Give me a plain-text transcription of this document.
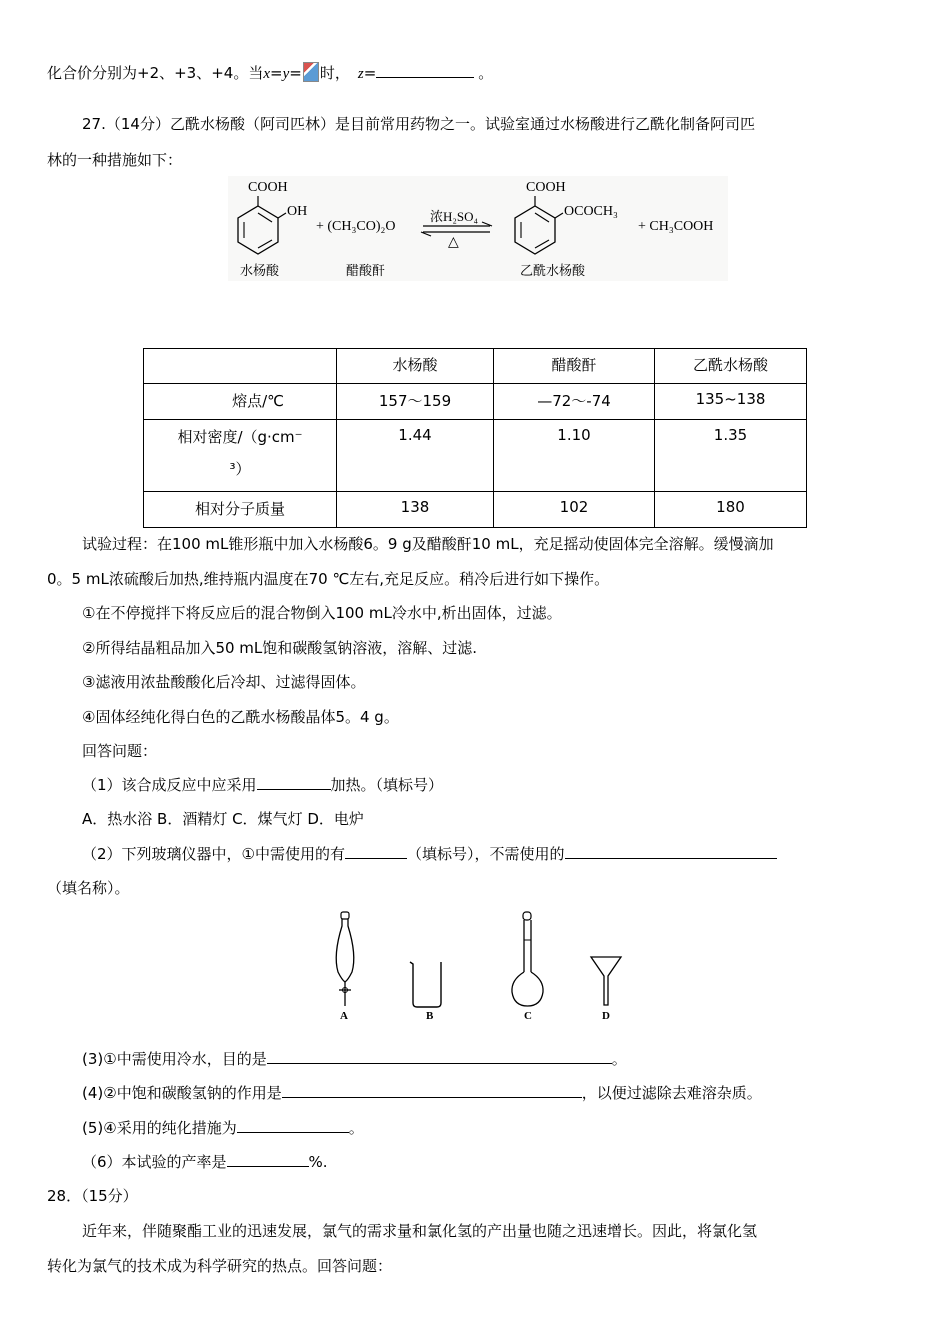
化合价分别为+2、+3、+4。当x=y= 时， z=	。
27.（14分）乙酰水杨酸（阿司匹林）是目前常用药物之一。试验室通过水杨酸进行乙酰化制备阿司匹
林的一种措施如下：
COOH
OH
+ (CH₃CO)₂O
浓H₂SO₄
△
COOH
OCOCH₃
+ CH₃COOH
水杨酸	醋酸酐	乙酰水杨酸
	水杨酸	醋酸酐	乙酰水杨酸
熔点/℃	157～159	—72～-74	135~138

相对密度/（g·cm⁻
³）	1.44	1.10	1.35
相对分子质量	138	102	180
试验过程：在100 mL锥形瓶中加入水杨酸6。9 g及醋酸酐10 mL，充足摇动使固体完全溶解。缓慢滴加
0。5 mL浓硫酸后加热,维持瓶内温度在70 ℃左右,充足反应。稍冷后进行如下操作。
①在不停搅拌下将反应后的混合物倒入100 mL冷水中,析出固体，过滤。
②所得结晶粗品加入50 mL饱和碳酸氢钠溶液，溶解、过滤.
③滤液用浓盐酸酸化后冷却、过滤得固体。
④固体经纯化得白色的乙酰水杨酸晶体5。4 g。
回答问题：
（1）该合成反应中应采用	加热。（填标号）
A．热水浴 B．酒精灯 C．煤气灯 D．电炉
（2）下列玻璃仪器中，①中需使用的有	（填标号），不需使用的
（填名称）。
A	B	C	D
(3)①中需使用冷水，目的是	。
(4)②中饱和碳酸氢钠的作用是	，以便过滤除去难溶杂质。
(5)④采用的纯化措施为	。
（6）本试验的产率是	%.
28．（15分）
近年来，伴随聚酯工业的迅速发展，氯气的需求量和氯化氢的产出量也随之迅速增长。因此，将氯化氢
转化为氯气的技术成为科学研究的热点。回答问题：
